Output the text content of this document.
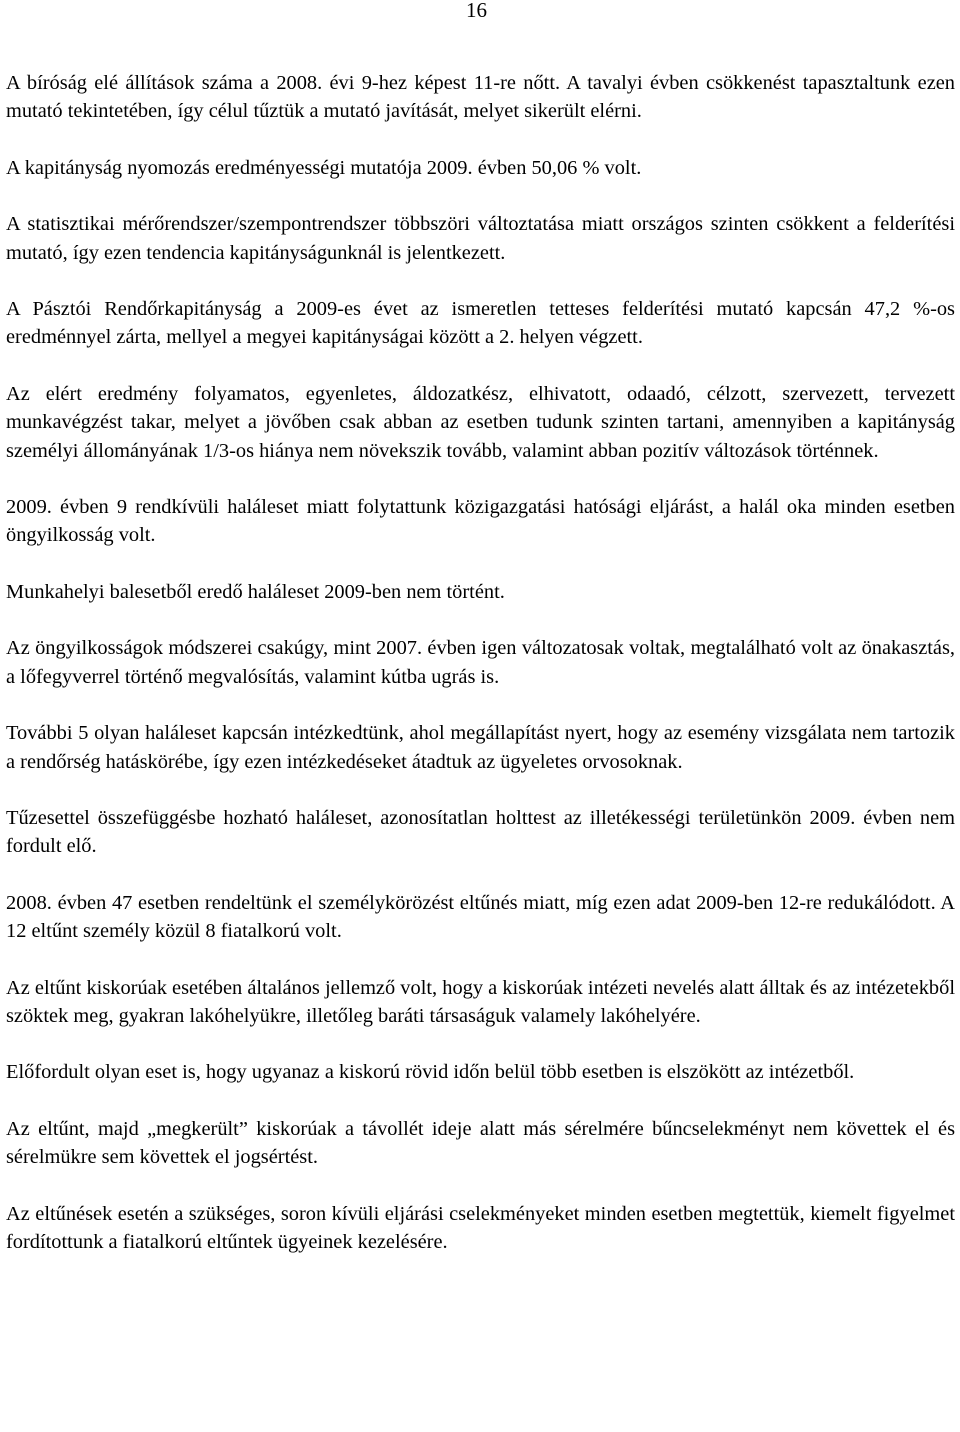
16

A bíróság elé állítások száma a 2008. évi 9-hez képest 11-re nőtt. A tavalyi évben csökkenést tapasztaltunk ezen mutató tekintetében, így célul tűztük a mutató javítását, melyet sikerült elérni.

A kapitányság nyomozás eredményességi mutatója 2009. évben 50,06 % volt.

A statisztikai mérőrendszer/szempontrendszer többszöri változtatása miatt országos szinten csökkent a felderítési mutató, így ezen tendencia kapitányságunknál is jelentkezett.

A Pásztói Rendőrkapitányság a 2009-es évet az ismeretlen tetteses felderítési mutató kapcsán 47,2 %-os eredménnyel zárta, mellyel a megyei kapitányságai között a 2. helyen végzett.

Az elért eredmény folyamatos, egyenletes, áldozatkész, elhivatott, odaadó, célzott, szervezett, tervezett munkavégzést takar, melyet a jövőben csak abban az esetben tudunk szinten tartani, amennyiben a kapitányság személyi állományának 1/3-os hiánya nem növekszik tovább, valamint abban pozitív változások történnek.

2009. évben 9 rendkívüli haláleset miatt folytattunk közigazgatási hatósági eljárást, a halál oka minden esetben öngyilkosság volt.

Munkahelyi balesetből eredő haláleset 2009-ben nem történt.

Az öngyilkosságok módszerei csakúgy, mint 2007. évben igen változatosak voltak, megtalálható volt az önakasztás, a lőfegyverrel történő megvalósítás, valamint kútba ugrás is.

További 5 olyan haláleset kapcsán intézkedtünk, ahol megállapítást nyert, hogy az esemény vizsgálata nem tartozik a rendőrség hatáskörébe, így ezen intézkedéseket átadtuk az ügyeletes orvosoknak.

Tűzesettel összefüggésbe hozható haláleset, azonosítatlan holttest az illetékességi területünkön 2009. évben nem fordult elő.

2008. évben 47 esetben rendeltünk el személykörözést eltűnés miatt, míg ezen adat 2009-ben 12-re redukálódott. A 12 eltűnt személy közül 8 fiatalkorú volt.

Az eltűnt kiskorúak esetében általános jellemző volt, hogy a kiskorúak intézeti nevelés alatt álltak és az intézetekből szöktek meg, gyakran lakóhelyükre, illetőleg baráti társaságuk valamely lakóhelyére.

Előfordult olyan eset is, hogy ugyanaz a kiskorú rövid időn belül több esetben is elszökött az intézetből.

Az eltűnt, majd „megkerült” kiskorúak a távollét ideje alatt más sérelmére bűncselekményt nem követtek el és sérelmükre sem követtek el jogsértést.

Az eltűnések esetén a szükséges, soron kívüli eljárási cselekményeket minden esetben megtettük, kiemelt figyelmet fordítottunk a fiatalkorú eltűntek ügyeinek kezelésére.
